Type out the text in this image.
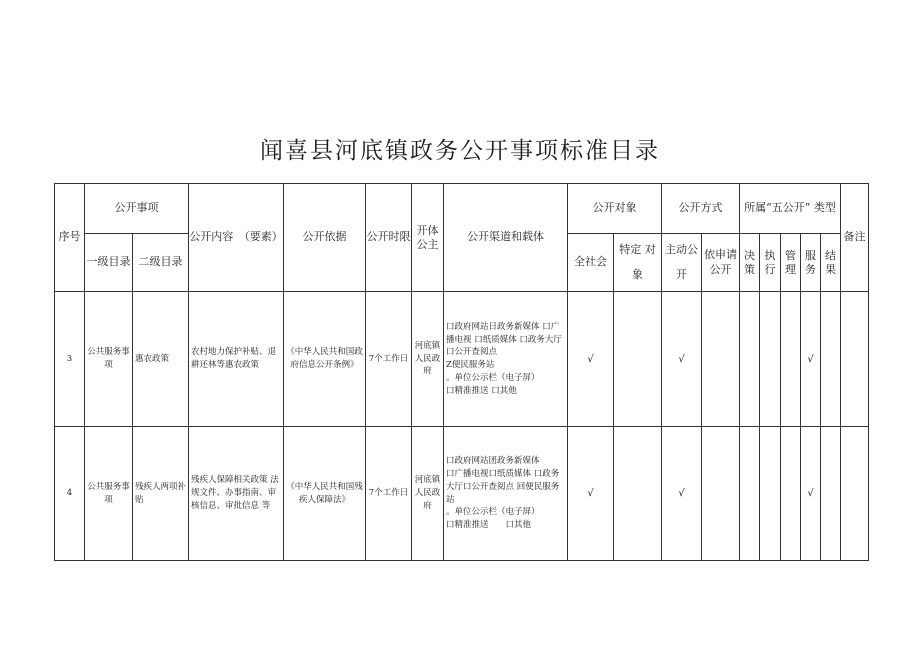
闻喜县河底镇政务公开事项标准目录
序号	公开事项		公开内容　（要素）	公开依据	公开时限	开体公主	公开渠道和载体	公开对象		公开方式		所属“五公开” 类型					备注
	一级目录	二级目录						全社会	特定 对象	主动公开	依申请公开	决策	执行	管理	服务	结果	
3	公共服务事项	惠农政策	农村地力保护补贴、退耕还林等惠农政策	《中华人民共和国政府信息公开条例》	7个工作日	河底镇人民政府	口政府网站日政务新媒体 口广播电视 口纸质媒体 口政务大厅 口公开查阅点
Z便民服务站
。单位公示栏（电子屏）
口精准推送 口其他	√		√					√		
4	公共服务事项	残疾人两项补贴	残疾人保障相关政策 法规文件、办事指南、审核信息、审批信息 等	《中华人民共和国残疾人保障法》	7个工作日	河底镇人民政府	口政府网站团政务新媒体
口广播电视口纸质媒体 口政务大厅口公开查阅点 回便民服务站
。单位公示栏（电子屏）
口精准推送　　口其他	√		√					√		
